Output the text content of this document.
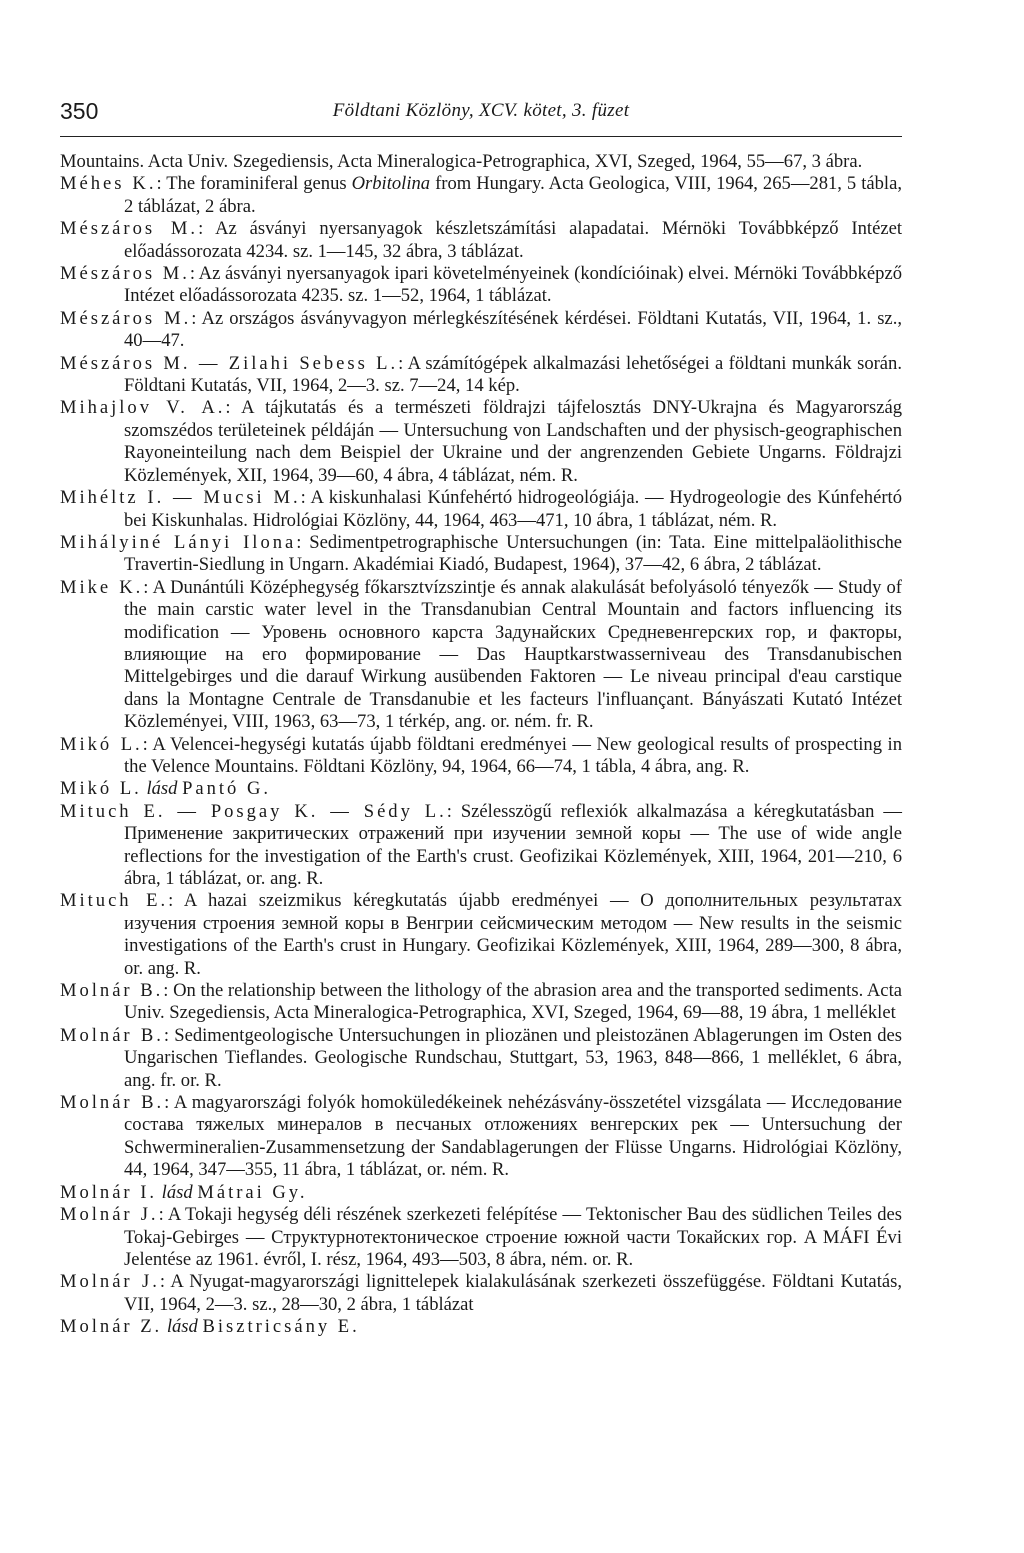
350	Földtani Közlöny, XCV. kötet, 3. füzet
Mountains. Acta Univ. Szegediensis, Acta Mineralogica-Petrographica, XVI, Szeged, 1964, 55—67, 3 ábra.
Méhes K.: The foraminiferal genus Orbitolina from Hungary. Acta Geologica, VIII, 1964, 265—281, 5 tábla, 2 táblázat, 2 ábra.
Mészáros M.: Az ásványi nyersanyagok készletszámítási alapadatai. Mérnöki Továbbképző Intézet előadássorozata 4234. sz. 1—145, 32 ábra, 3 táblázat.
Mészáros M.: Az ásványi nyersanyagok ipari követelményeinek (kondícióinak) elvei. Mérnöki Továbbképző Intézet előadássorozata 4235. sz. 1—52, 1964, 1 táblázat.
Mészáros M.: Az országos ásványvagyon mérlegkészítésének kérdései. Földtani Kutatás, VII, 1964, 1. sz., 40—47.
Mészáros M. — Zilahi Sebess L.: A számítógépek alkalmazási lehetőségei a földtani munkák során. Földtani Kutatás, VII, 1964, 2—3. sz. 7—24, 14 kép.
Mihajlov V. A.: A tájkutatás és a természeti földrajzi tájfelosztás DNY-Ukrajna és Magyarország szomszédos területeinek példáján — Untersuchung von Landschaften und der physisch-geographischen Rayoneinteilung nach dem Beispiel der Ukraine und der angrenzenden Gebiete Ungarns. Földrajzi Közlemények, XII, 1964, 39—60, 4 ábra, 4 táblázat, ném. R.
Mihéltz I. — Mucsi M.: A kiskunhalasi Kúnfehértó hidrogeológiája. — Hydrogeologie des Kúnfehértó bei Kiskunhalas. Hidrológiai Közlöny, 44, 1964, 463—471, 10 ábra, 1 táblázat, ném. R.
Mihályiné Lányi Ilona: Sedimentpetrographische Untersuchungen (in: Tata. Eine mittelpaläolithische Travertin-Siedlung in Ungarn. Akadémiai Kiadó, Budapest, 1964), 37—42, 6 ábra, 2 táblázat.
Mike K.: A Dunántúli Középhegység főkarsztvízszintje és annak alakulását befolyásoló tényezők — Study of the main carstic water level in the Transdanubian Central Mountain and factors influencing its modification — Уровень основного карста Задунайских Средневенгерских гор, и факторы, влияющие на его формирование — Das Hauptkarstwasserniveau des Transdanubischen Mittelgebirges und die darauf Wirkung ausübenden Faktoren — Le niveau principal d'eau carstique dans la Montagne Centrale de Transdanubie et les facteurs l'influançant. Bányászati Kutató Intézet Közleményei, VIII, 1963, 63—73, 1 térkép, ang. or. ném. fr. R.
Mikó L.: A Velencei-hegységi kutatás újabb földtani eredményei — New geological results of prospecting in the Velence Mountains. Földtani Közlöny, 94, 1964, 66—74, 1 tábla, 4 ábra, ang. R.
Mikó L. lásd Pantó G.
Mituch E. — Posgay K. — Sédy L.: Szélesszögű reflexiók alkalmazása a kéregkutatásban — Применение закритических отражений при изучении земной коры — The use of wide angle reflections for the investigation of the Earth's crust. Geofizikai Közlemények, XIII, 1964, 201—210, 6 ábra, 1 táblázat, or. ang. R.
Mituch E.: A hazai szeizmikus kéregkutatás újabb eredményei — О дополнительных результатах изучения строения земной коры в Венгрии сейсмическим методом — New results in the seismic investigations of the Earth's crust in Hungary. Geofizikai Közlemények, XIII, 1964, 289—300, 8 ábra, or. ang. R.
Molnár B.: On the relationship between the lithology of the abrasion area and the transported sediments. Acta Univ. Szegediensis, Acta Mineralogica-Petrographica, XVI, Szeged, 1964, 69—88, 19 ábra, 1 melléklet
Molnár B.: Sedimentgeologische Untersuchungen in pliozänen und pleistozänen Ablagerungen im Osten des Ungarischen Tieflandes. Geologische Rundschau, Stuttgart, 53, 1963, 848—866, 1 melléklet, 6 ábra, ang. fr. or. R.
Molnár B.: A magyarországi folyók homoküledékeinek nehézásvány-összetétel vizsgálata — Исследование состава тяжелых минералов в песчаных отложениях венгерских рек — Untersuchung der Schwermineralien-Zusammensetzung der Sandablagerungen der Flüsse Ungarns. Hidrológiai Közlöny, 44, 1964, 347—355, 11 ábra, 1 táblázat, or. ném. R.
Molnár I. lásd Mátrai Gy.
Molnár J.: A Tokaji hegység déli részének szerkezeti felépítése — Tektonischer Bau des südlichen Teiles des Tokaj-Gebirges — Структурнотектоническое строение южной части Токайских гор. A MÁFI Évi Jelentése az 1961. évről, I. rész, 1964, 493—503, 8 ábra, ném. or. R.
Molnár J.: A Nyugat-magyarországi lignittelepek kialakulásának szerkezeti összefüggése. Földtani Kutatás, VII, 1964, 2—3. sz., 28—30, 2 ábra, 1 táblázat
Molnár Z. lásd Bisztricsány E.
